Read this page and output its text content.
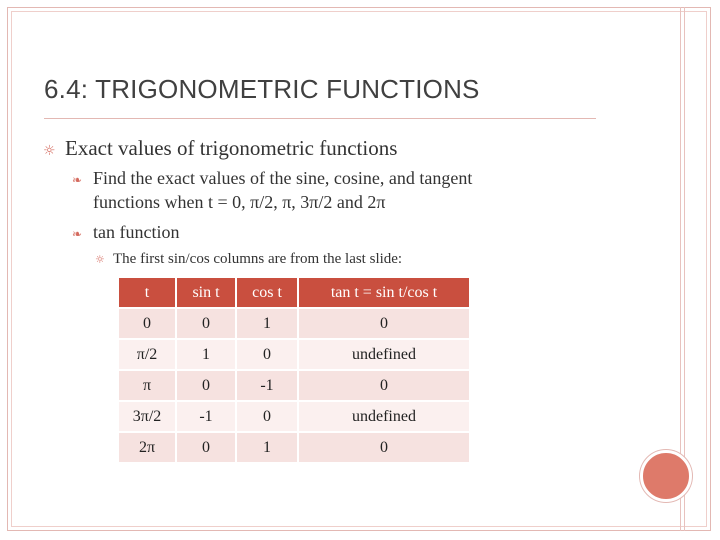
6.4: TRIGONOMETRIC FUNCTIONS
☼ Exact values of trigonometric functions
❧ Find the exact values of the sine, cosine, and tangent
functions when t = 0, π/2, π, 3π/2 and 2π
❧ tan function
☼ The first sin/cos columns are from the last slide:
t	sin t	cos t	tan t = sin t/cos t
0	0	1	0
π/2	1	0	undefined
π	0	-1	0
3π/2	-1	0	undefined
2π	0	1	0
